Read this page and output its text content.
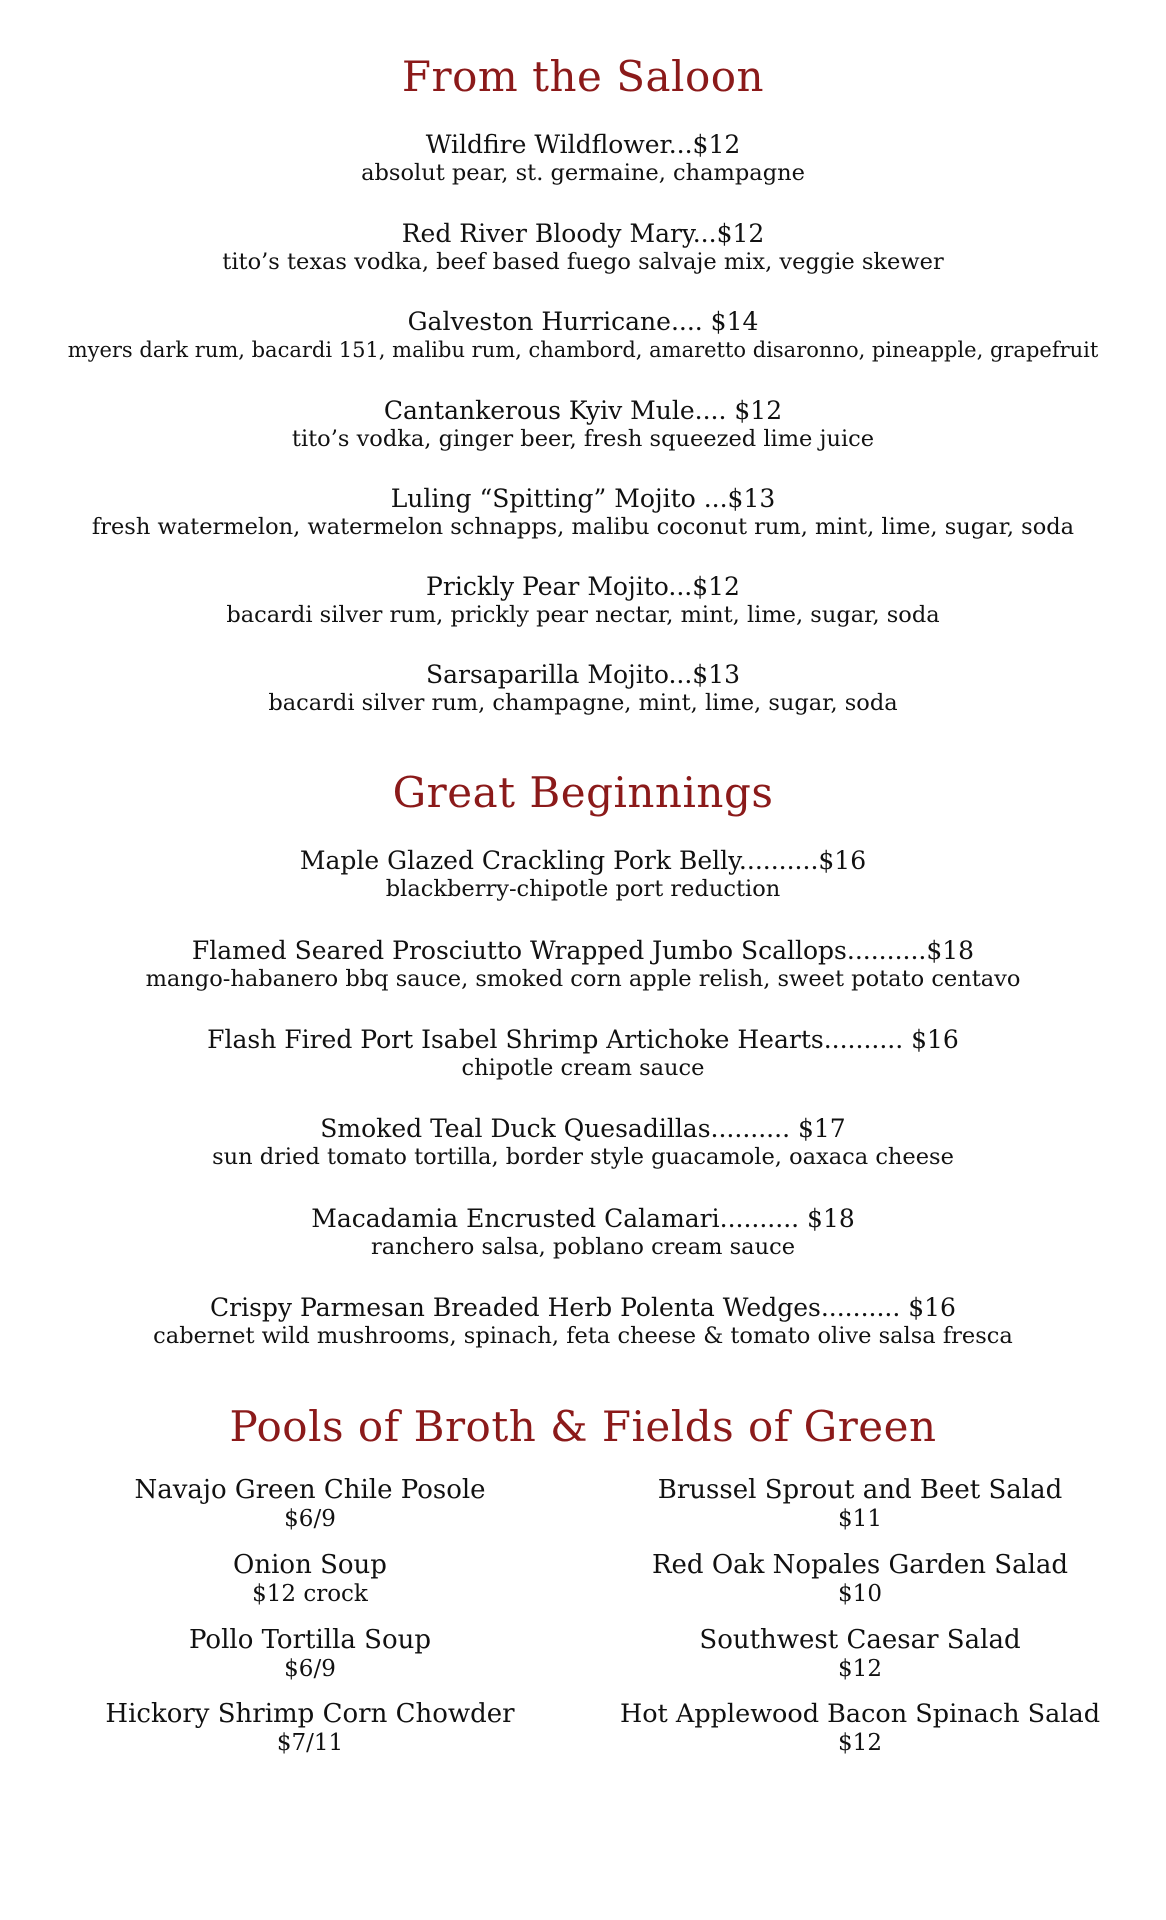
From the Saloon
Wildfire Wildflower...$12
absolut pear, st. germaine, champagne
Red River Bloody Mary...$12
tito’s texas vodka, beef based fuego salvaje mix, veggie skewer
Galveston Hurricane.... $14
myers dark rum, bacardi 151, malibu rum, chambord, amaretto disaronno, pineapple, grapefruit
Cantankerous Kyiv Mule.... $12
tito’s vodka, ginger beer, fresh squeezed lime juice
Luling “Spitting” Mojito ...$13
fresh watermelon, watermelon schnapps, malibu coconut rum, mint, lime, sugar, soda
Prickly Pear Mojito...$12
bacardi silver rum, prickly pear nectar, mint, lime, sugar, soda
Sarsaparilla Mojito...$13
bacardi silver rum, champagne, mint, lime, sugar, soda
Great Beginnings
Maple Glazed Crackling Pork Belly..........$16
blackberry-chipotle port reduction
Flamed Seared Prosciutto Wrapped Jumbo Scallops..........$18
mango-habanero bbq sauce, smoked corn apple relish, sweet potato centavo
Flash Fired Port Isabel Shrimp Artichoke Hearts.......... $16
chipotle cream sauce
Smoked Teal Duck Quesadillas.......... $17
sun dried tomato tortilla, border style guacamole, oaxaca cheese
Macadamia Encrusted Calamari.......... $18
ranchero salsa, poblano cream sauce
Crispy Parmesan Breaded Herb Polenta Wedges.......... $16
cabernet wild mushrooms, spinach, feta cheese & tomato olive salsa fresca
Pools of Broth & Fields of Green
Navajo Green Chile Posole
$6/9
Onion Soup
$12 crock
Pollo Tortilla Soup
$6/9
Hickory Shrimp Corn Chowder
$7/11
Brussel Sprout and Beet Salad
$11
Red Oak Nopales Garden Salad
$10
Southwest Caesar Salad
$12
Hot Applewood Bacon Spinach Salad
$12
